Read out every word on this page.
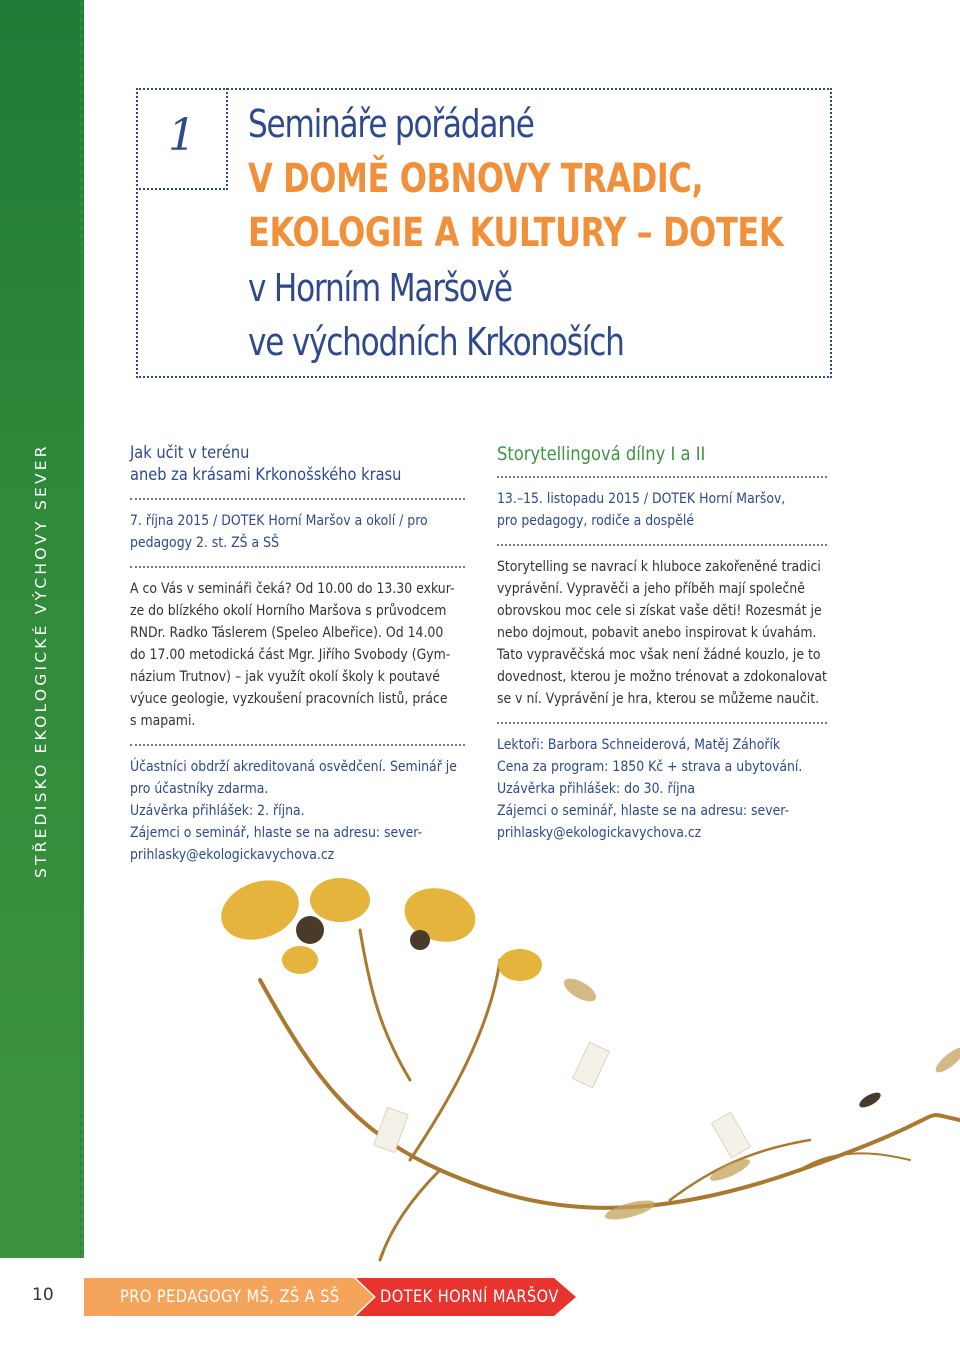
STŘEDISKO EKOLOGICKÉ VÝCHOVY SEVER
1 Semináře pořádané
V DOMĚ OBNOVY TRADIC,
EKOLOGIE A KULTURY – DOTEK
v Horním Maršově
ve východních Krkonoších
Jak učit v terénu
aneb za krásami Krkonošského krasu
7. října 2015 / DOTEK Horní Maršov a okolí / pro
pedagogy 2. st. ZŠ a SŠ
A co Vás v semináři čeká? Od 10.00 do 13.30 exkur-
ze do blízkého okolí Horního Maršova s průvodcem
RNDr. Radko Táslerem (Speleo Albeřice). Od 14.00
do 17.00 metodická část Mgr. Jiřího Svobody (Gym-
názium Trutnov) – jak využít okolí školy k poutavé
výuce geologie, vyzkoušení pracovních listů, práce
s mapami.
Účastníci obdrží akreditovaná osvědčení. Seminář je
pro účastníky zdarma.
Uzávěrka přihlášek: 2. října.
Zájemci o seminář, hlaste se na adresu: sever-
prihlasky@ekologickavychova.cz
Storytellingová dílny I a II
13.–15. listopadu 2015 / DOTEK Horní Maršov,
pro pedagogy, rodiče a dospělé
Storytelling se navrací k hluboce zakořeněné tradici
vyprávění. Vypravěči a jeho příběh mají společně
obrovskou moc cele si získat vaše děti! Rozesmát je
nebo dojmout, pobavit anebo inspirovat k úvahám.
Tato vypravěčská moc však není žádné kouzlo, je to
dovednost, kterou je možno trénovat a zdokonalovat
se v ní. Vyprávění je hra, kterou se můžeme naučit.
Lektoři: Barbora Schneiderová, Matěj Záhořík
Cena za program: 1850 Kč + strava a ubytování.
Uzávěrka přihlášek: do 30. října
Zájemci o seminář, hlaste se na adresu: sever-
prihlasky@ekologickavychova.cz
10	PRO PEDAGOGY MŠ, ZŠ A SŠ DOTEK HORNÍ MARŠOV
